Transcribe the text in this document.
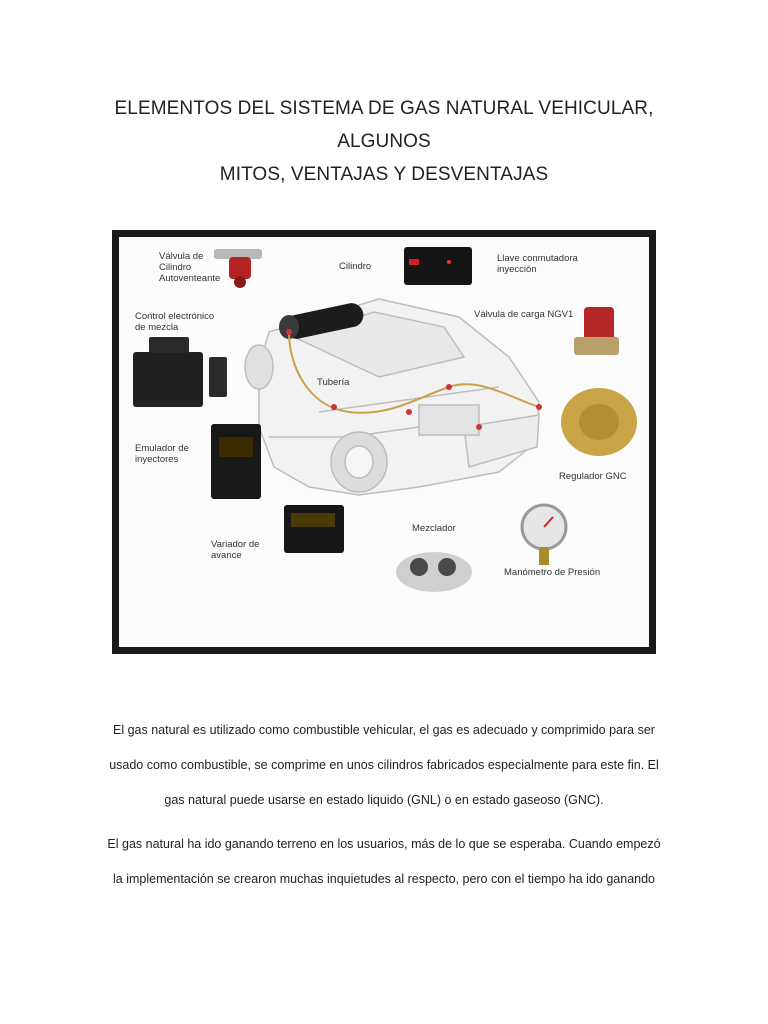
ELEMENTOS DEL SISTEMA DE GAS NATURAL VEHICULAR, ALGUNOS
MITOS, VENTAJAS Y DESVENTAJAS
Válvula de
Cilindro
Autoventeante
Cilindro
Llave conmutadora
inyección
Control electrónico
de mezcla
Válvula de carga NGV1
Tubería
Emulador de
inyectores
Regulador GNC
Variador de
avance
Mezclador
Manómetro de Presión
El gas natural es utilizado como combustible vehicular, el gas es adecuado y comprimido para ser
usado como combustible, se comprime en unos cilindros fabricados especialmente para este fin. El
gas natural puede usarse en estado liquido (GNL) o en estado gaseoso (GNC).
El gas natural ha ido ganando terreno en los usuarios, más de lo que se esperaba. Cuando empezó
la implementación se crearon muchas inquietudes al respecto, pero con el tiempo ha ido ganando
